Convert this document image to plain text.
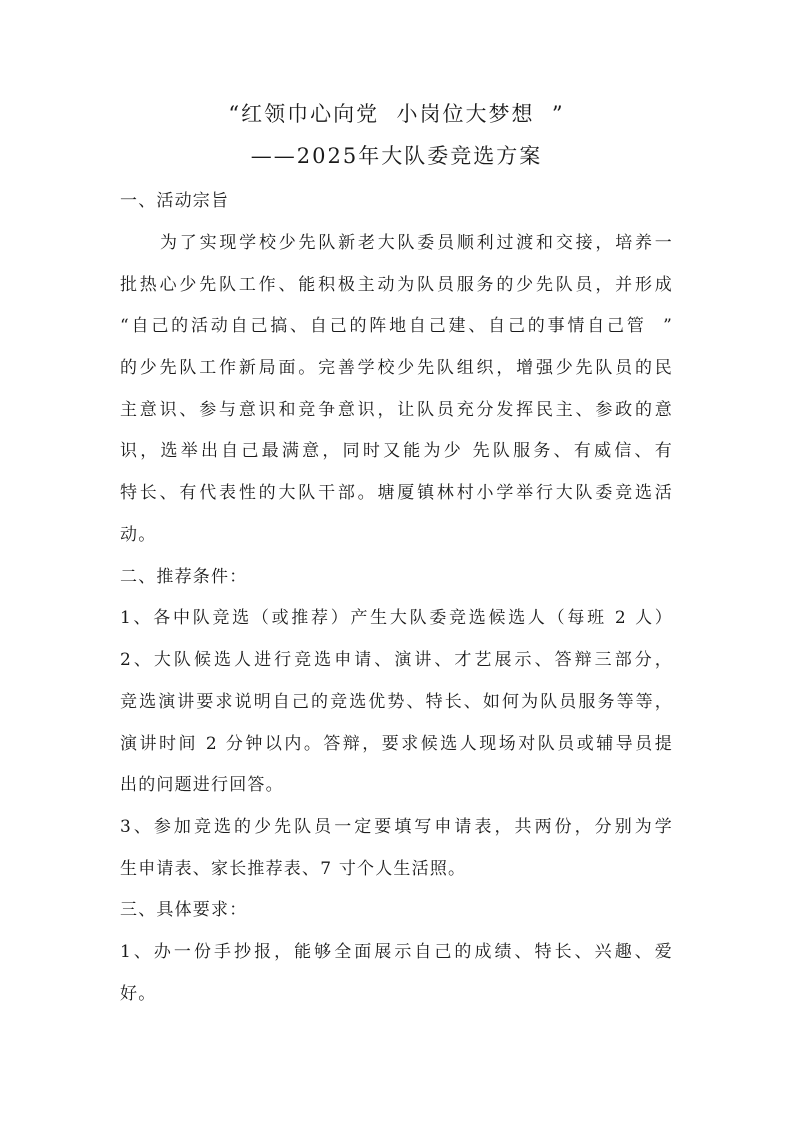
“红领巾心向党  小岗位大梦想  ”
——2025年大队委竞选方案
一、活动宗旨
为了实现学校少先队新老大队委员顺利过渡和交接，培养一
批热心少先队工作、能积极主动为队员服务的少先队员，并形成
“自己的活动自己搞、自己的阵地自己建、自己的事情自己管  ”
的少先队工作新局面。完善学校少先队组织，增强少先队员的民
主意识、参与意识和竞争意识，让队员充分发挥民主、参政的意
识，选举出自己最满意，同时又能为少 先队服务、有威信、有
特长、有代表性的大队干部。塘厦镇林村小学举行大队委竞选活
动。
二、推荐条件：
1、各中队竞选（或推荐）产生大队委竞选候选人（每班 2 人）
2、大队候选人进行竞选申请、演讲、才艺展示、答辩三部分，
竞选演讲要求说明自己的竞选优势、特长、如何为队员服务等等，
演讲时间 2 分钟以内。答辩，要求候选人现场对队员或辅导员提
出的问题进行回答。
3、参加竞选的少先队员一定要填写申请表，共两份，分别为学
生申请表、家长推荐表、7 寸个人生活照。
三、具体要求：
1、办一份手抄报，能够全面展示自己的成绩、特长、兴趣、爱
好。
